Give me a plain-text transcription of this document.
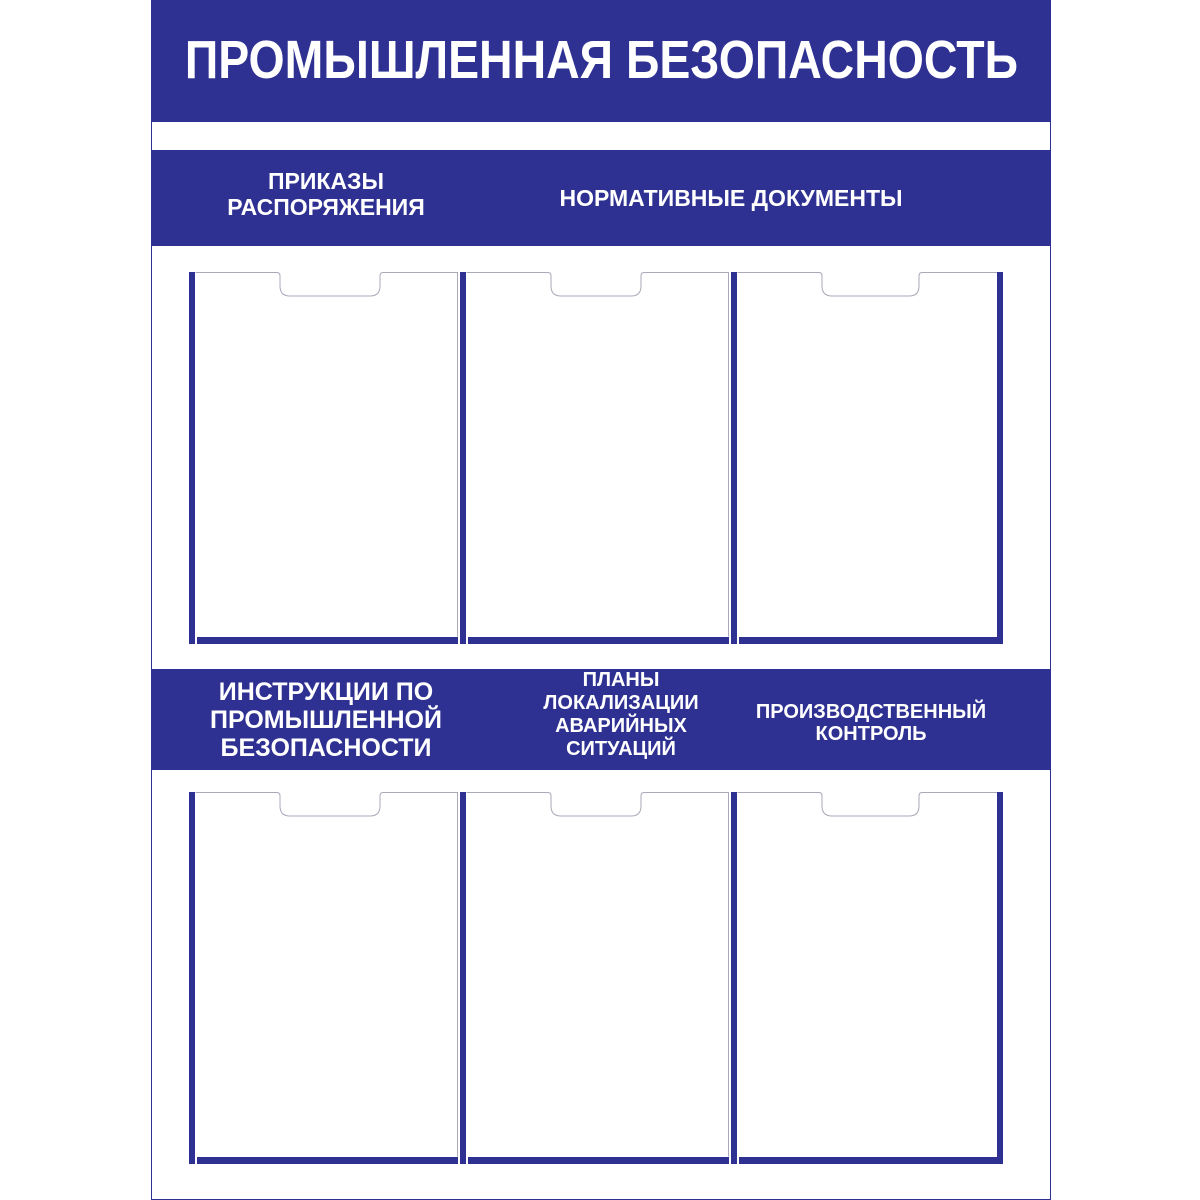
ПРОМЫШЛЕННАЯ БЕЗОПАСНОСТЬ
ПРИКАЗЫ
РАСПОРЯЖЕНИЯ	НОРМАТИВНЫЕ ДОКУМЕНТЫ
ИНСТРУКЦИИ ПО
ПРОМЫШЛЕННОЙ
БЕЗОПАСНОСТИ
ПЛАНЫ
ЛОКАЛИЗАЦИИ
АВАРИЙНЫХ
СИТУАЦИЙ
ПРОИЗВОДСТВЕННЫЙ
КОНТРОЛЬ
